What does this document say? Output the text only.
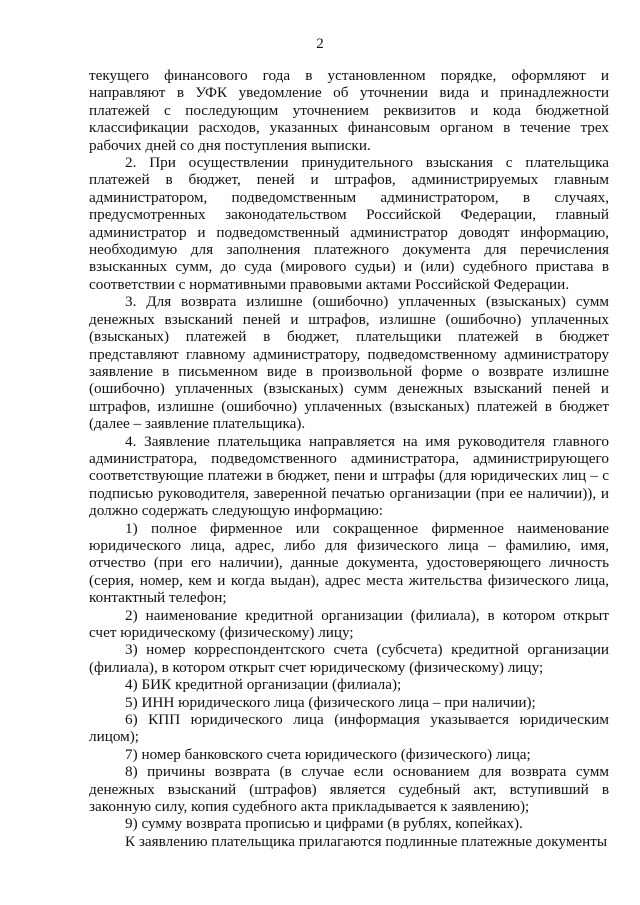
2

текущего финансового года в установленном порядке, оформляют и направляют в УФК уведомление об уточнении вида и принадлежности платежей с последующим уточнением реквизитов и кода бюджетной классификации расходов, указанных финансовым органом в течение трех рабочих дней со дня поступления выписки.

2. При осуществлении принудительного взыскания с плательщика платежей в бюджет, пеней и штрафов, администрируемых главным администратором, подведомственным администратором, в случаях, предусмотренных законодательством Российской Федерации, главный администратор и подведомственный администратор доводят информацию, необходимую для заполнения платежного документа для перечисления взысканных сумм, до суда (мирового судьи) и (или) судебного пристава в соответствии с нормативными правовыми актами Российской Федерации.

3. Для возврата излишне (ошибочно) уплаченных (взысканых) сумм денежных взысканий пеней и штрафов, излишне (ошибочно) уплаченных (взысканых) платежей в бюджет, плательщики платежей в бюджет представляют главному администратору, подведомственному администратору заявление в письменном виде в произвольной форме о возврате излишне (ошибочно) уплаченных (взысканых) сумм денежных взысканий пеней и штрафов, излишне (ошибочно) уплаченных (взысканых) платежей в бюджет (далее – заявление плательщика).

4. Заявление плательщика направляется на имя руководителя главного администратора, подведомственного администратора, администрирующего соответствующие платежи в бюджет, пени и штрафы (для юридических лиц – с подписью руководителя, заверенной печатью организации (при ее наличии)), и должно содержать следующую информацию:

1) полное фирменное или сокращенное фирменное наименование юридического лица, адрес, либо для физического лица – фамилию, имя, отчество (при его наличии), данные документа, удостоверяющего личность (серия, номер, кем и когда выдан), адрес места жительства физического лица, контактный телефон;

2) наименование кредитной организации (филиала), в котором открыт счет юридическому (физическому) лицу;

3) номер корреспондентского счета (субсчета) кредитной организации (филиала), в котором открыт счет юридическому (физическому) лицу;

4) БИК кредитной организации (филиала);

5) ИНН юридического лица (физического лица – при наличии);

6) КПП юридического лица (информация указывается юридическим лицом);

7) номер банковского счета юридического (физического) лица;

8) причины возврата (в случае если основанием для возврата сумм денежных взысканий (штрафов) является судебный акт, вступивший в законную силу, копия судебного акта прикладывается к заявлению);

9) сумму возврата прописью и цифрами (в рублях, копейках).

К заявлению плательщика прилагаются подлинные платежные документы
